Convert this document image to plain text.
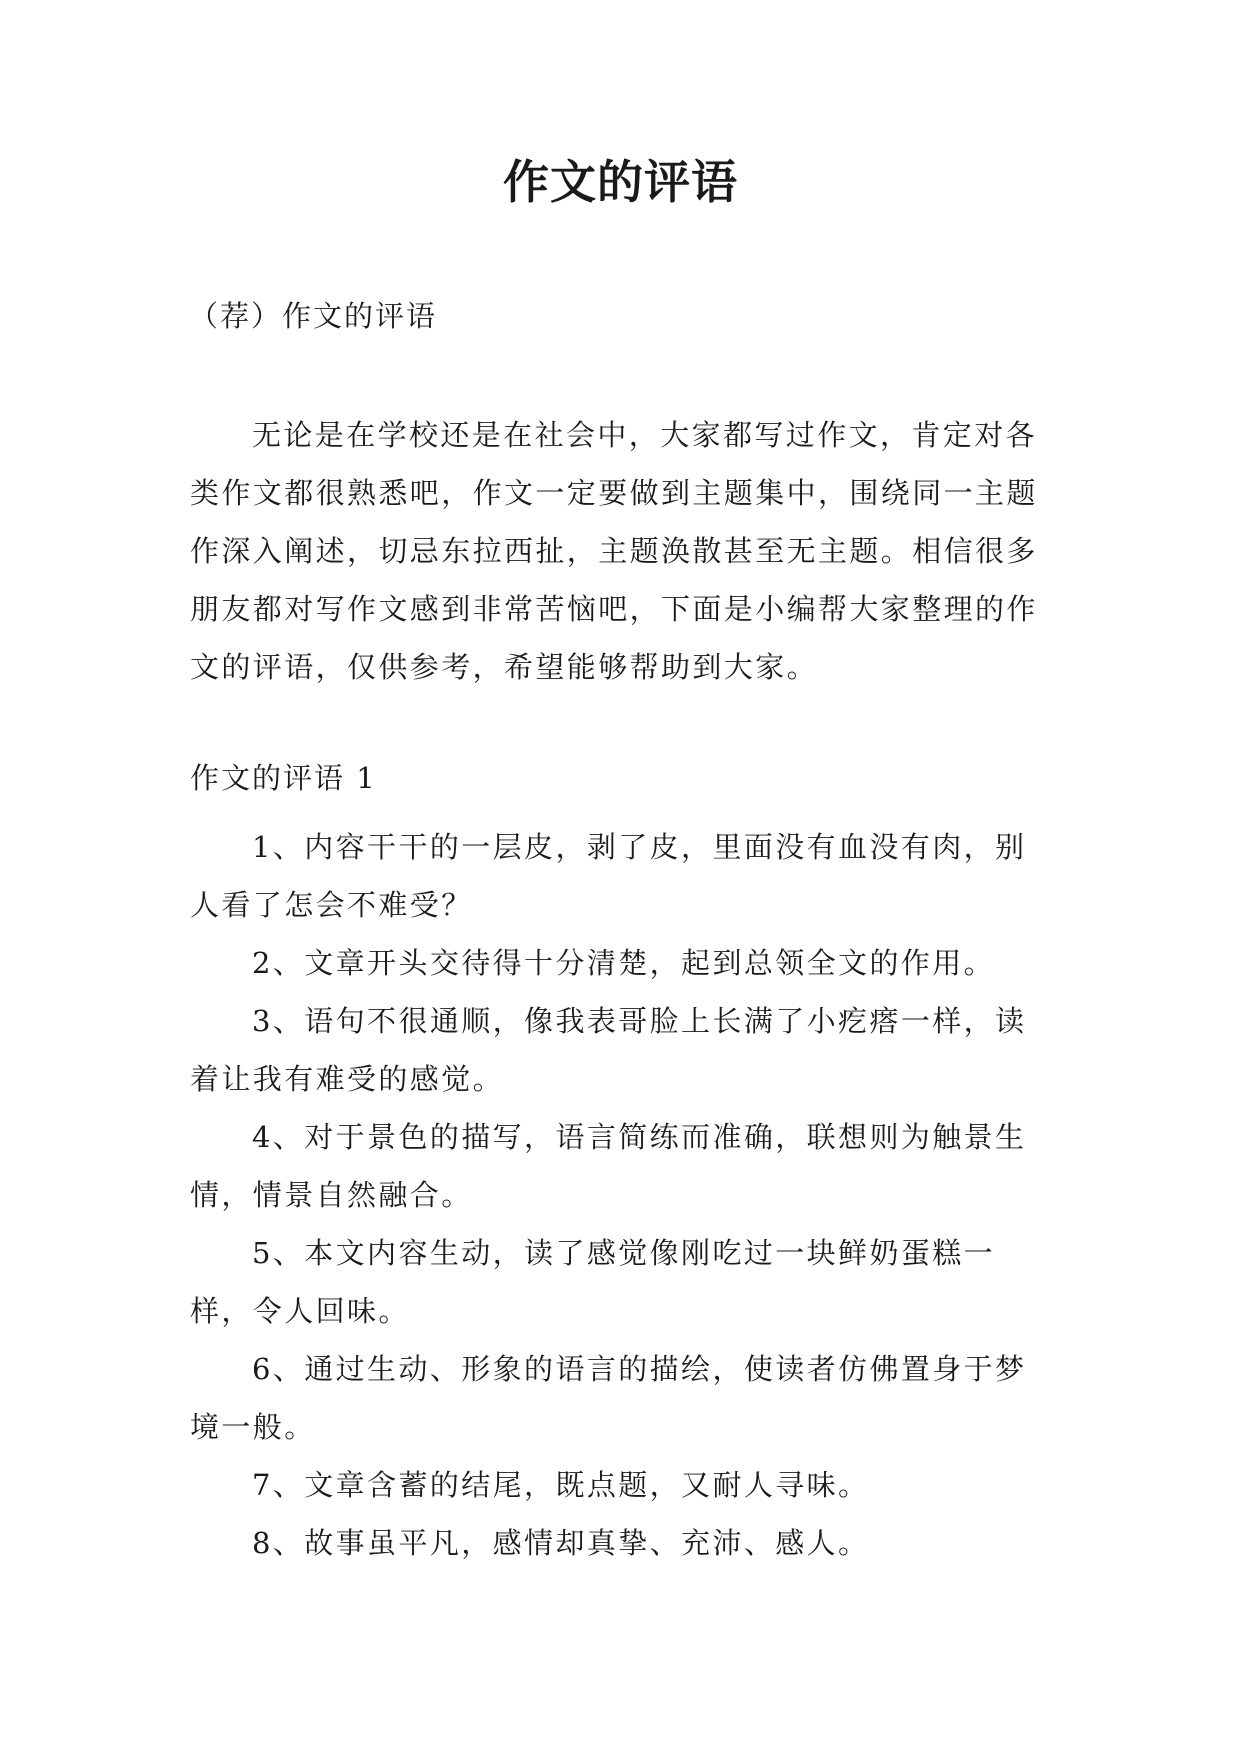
作文的评语

（荐）作文的评语

无论是在学校还是在社会中，大家都写过作文，肯定对各类作文都很熟悉吧，作文一定要做到主题集中，围绕同一主题作深入阐述，切忌东拉西扯，主题涣散甚至无主题。相信很多朋友都对写作文感到非常苦恼吧，下面是小编帮大家整理的作文的评语，仅供参考，希望能够帮助到大家。

作文的评语 1

1、内容干干的一层皮，剥了皮，里面没有血没有肉，别人看了怎会不难受？
2、文章开头交待得十分清楚，起到总领全文的作用。
3、语句不很通顺，像我表哥脸上长满了小疙瘩一样，读着让我有难受的感觉。
4、对于景色的描写，语言简练而准确，联想则为触景生情，情景自然融合。
5、本文内容生动，读了感觉像刚吃过一块鲜奶蛋糕一样，令人回味。
6、通过生动、形象的语言的描绘，使读者仿佛置身于梦境一般。
7、文章含蓄的结尾，既点题，又耐人寻味。
8、故事虽平凡，感情却真挚、充沛、感人。
